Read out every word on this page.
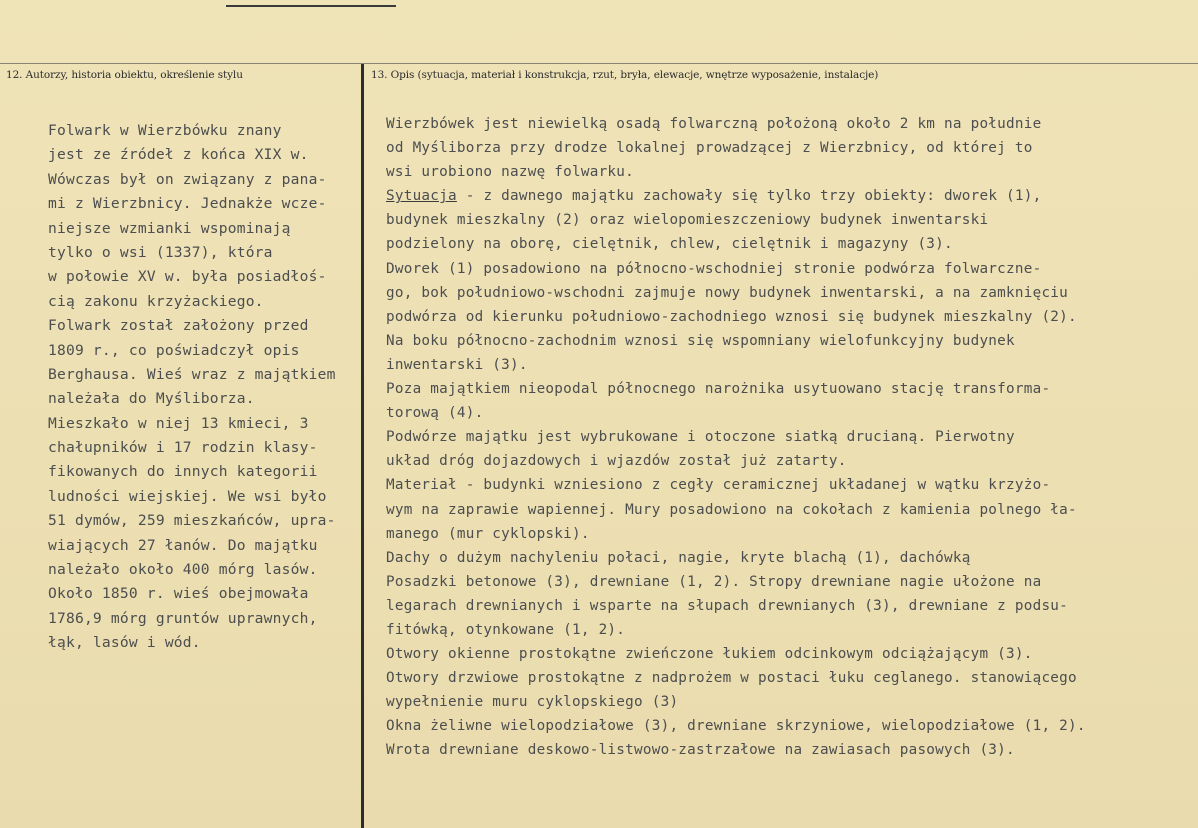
12. Autorzy, historia obiektu, określenie stylu	13. Opis (sytuacja, materiał i konstrukcja, rzut, bryła, elewacje, wnętrze wyposażenie, instalacje)
Folwark w Wierzbówku znany
jest ze źródeł z końca XIX w.
Wówczas był on związany z pana-
mi z Wierzbnicy. Jednakże wcze-
niejsze wzmianki wspominają
tylko o wsi (1337), która
w połowie XV w. była posiadłoś-
cią zakonu krzyżackiego.
Folwark został założony przed
1809 r., co poświadczył opis
Berghausa. Wieś wraz z majątkiem
należała do Myśliborza.
Mieszkało w niej 13 kmieci, 3
chałupników i 17 rodzin klasy-
fikowanych do innych kategorii
ludności wiejskiej. We wsi było
51 dymów, 259 mieszkańców, upra-
wiających 27 łanów. Do majątku
należało około 400 mórg lasów.
Około 1850 r. wieś obejmowała
1786,9 mórg gruntów uprawnych,
łąk, lasów i wód.
Wierzbówek jest niewielką osadą folwarczną położoną około 2 km na południe
od Myśliborza przy drodze lokalnej prowadzącej z Wierzbnicy, od której to
wsi urobiono nazwę folwarku.
Sytuacja - z dawnego majątku zachowały się tylko trzy obiekty: dworek (1),
budynek mieszkalny (2) oraz wielopomieszczeniowy budynek inwentarski
podzielony na oborę, cielętnik, chlew, cielętnik i magazyny (3).
Dworek (1) posadowiono na północno-wschodniej stronie podwórza folwarczne-
go, bok południowo-wschodni zajmuje nowy budynek inwentarski, a na zamknięciu
podwórza od kierunku południowo-zachodniego wznosi się budynek mieszkalny (2).
Na boku północno-zachodnim wznosi się wspomniany wielofunkcyjny budynek
inwentarski (3).
Poza majątkiem nieopodal północnego narożnika usytuowano stację transforma-
torową (4).
Podwórze majątku jest wybrukowane i otoczone siatką drucianą. Pierwotny
układ dróg dojazdowych i wjazdów został już zatarty.
Materiał - budynki wzniesiono z cegły ceramicznej układanej w wątku krzyżo-
wym na zaprawie wapiennej. Mury posadowiono na cokołach z kamienia polnego ła-
manego (mur cyklopski).
Dachy o dużym nachyleniu połaci, nagie, kryte blachą (1), dachówką
Posadzki betonowe (3), drewniane (1, 2). Stropy drewniane nagie ułożone na
legarach drewnianych i wsparte na słupach drewnianych (3), drewniane z podsu-
fitówką, otynkowane (1, 2).
Otwory okienne prostokątne zwieńczone łukiem odcinkowym odciążającym (3).
Otwory drzwiowe prostokątne z nadprożem w postaci łuku ceglanego. stanowiącego
wypełnienie muru cyklopskiego (3)
Okna żeliwne wielopodziałowe (3), drewniane skrzyniowe, wielopodziałowe (1, 2).
Wrota drewniane deskowo-listwowo-zastrzałowe na zawiasach pasowych (3).
